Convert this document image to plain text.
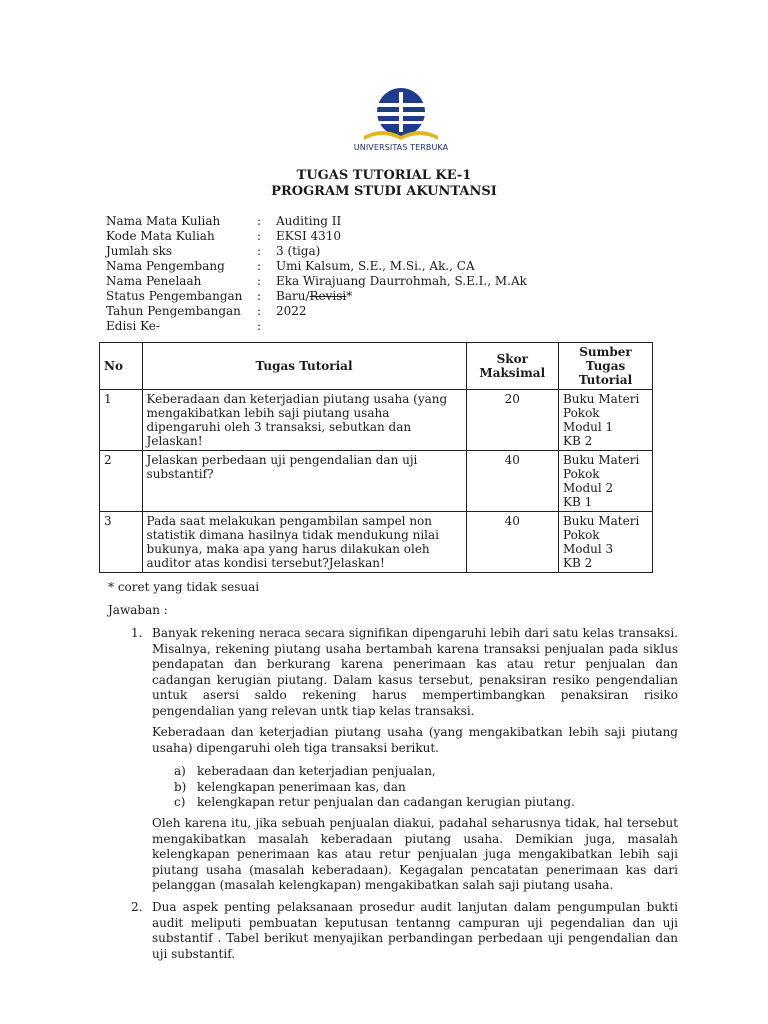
UNIVERSITAS TERBUKA
TUGAS TUTORIAL KE-1
PROGRAM STUDI AKUNTANSI
Nama Mata Kuliah	: Auditing II
Kode Mata Kuliah	: EKSI 4310
Jumlah sks	: 3 (tiga)
Nama Pengembang	: Umi Kalsum, S.E., M.Si., Ak., CA
Nama Penelaah	: Eka Wirajuang Daurrohmah, S.E.I., M.Ak
Status Pengembangan : Baru/Revisi*
Tahun Pengembangan : 2022
Edisi Ke-	:
No	Tugas Tutorial	Skor Maksimal	Sumber Tugas Tutorial
1	Keberadaan dan keterjadian piutang usaha (yang mengakibatkan lebih saji piutang usaha dipengaruhi oleh 3 transaksi, sebutkan dan Jelaskan!	20	Buku Materi
Pokok
Modul 1
KB 2

2	Jelaskan perbedaan uji pengendalian dan uji substantif?	40	Buku Materi
Pokok
Modul 2
KB 1

3	Pada saat melakukan pengambilan sampel non statistik dimana hasilnya tidak mendukung nilai bukunya, maka apa yang harus dilakukan oleh auditor atas kondisi tersebut?Jelaskan!	40	Buku Materi
Pokok
Modul 3
KB 2
* coret yang tidak sesuai
Jawaban :
1. Banyak rekening neraca secara signifikan dipengaruhi lebih dari satu kelas transaksi. Misalnya, rekening piutang usaha bertambah karena transaksi penjualan pada siklus pendapatan dan berkurang karena penerimaan kas atau retur penjualan dan cadangan kerugian piutang. Dalam kasus tersebut, penaksiran resiko pengendalian untuk asersi saldo rekening harus mempertimbangkan penaksiran risiko pengendalian yang relevan untk tiap kelas transaksi.
Keberadaan dan keterjadian piutang usaha (yang mengakibatkan lebih saji piutang usaha) dipengaruhi oleh tiga transaksi berikut.
a) keberadaan dan keterjadian penjualan,
b) kelengkapan penerimaan kas, dan
c) kelengkapan retur penjualan dan cadangan kerugian piutang.
Oleh karena itu, jika sebuah penjualan diakui, padahal seharusnya tidak, hal tersebut mengakibatkan masalah keberadaan piutang usaha. Demikian juga, masalah kelengkapan penerimaan kas atau retur penjualan juga mengakibatkan lebih saji piutang usaha (masalah keberadaan). Kegagalan pencatatan penerimaan kas dari pelanggan (masalah kelengkapan) mengakibatkan salah saji piutang usaha.
2. Dua aspek penting pelaksanaan prosedur audit lanjutan dalam pengumpulan bukti audit meliputi pembuatan keputusan tentanng campuran uji pegendalian dan uji substantif . Tabel berikut menyajikan perbandingan perbedaan uji pengendalian dan uji substantif.
